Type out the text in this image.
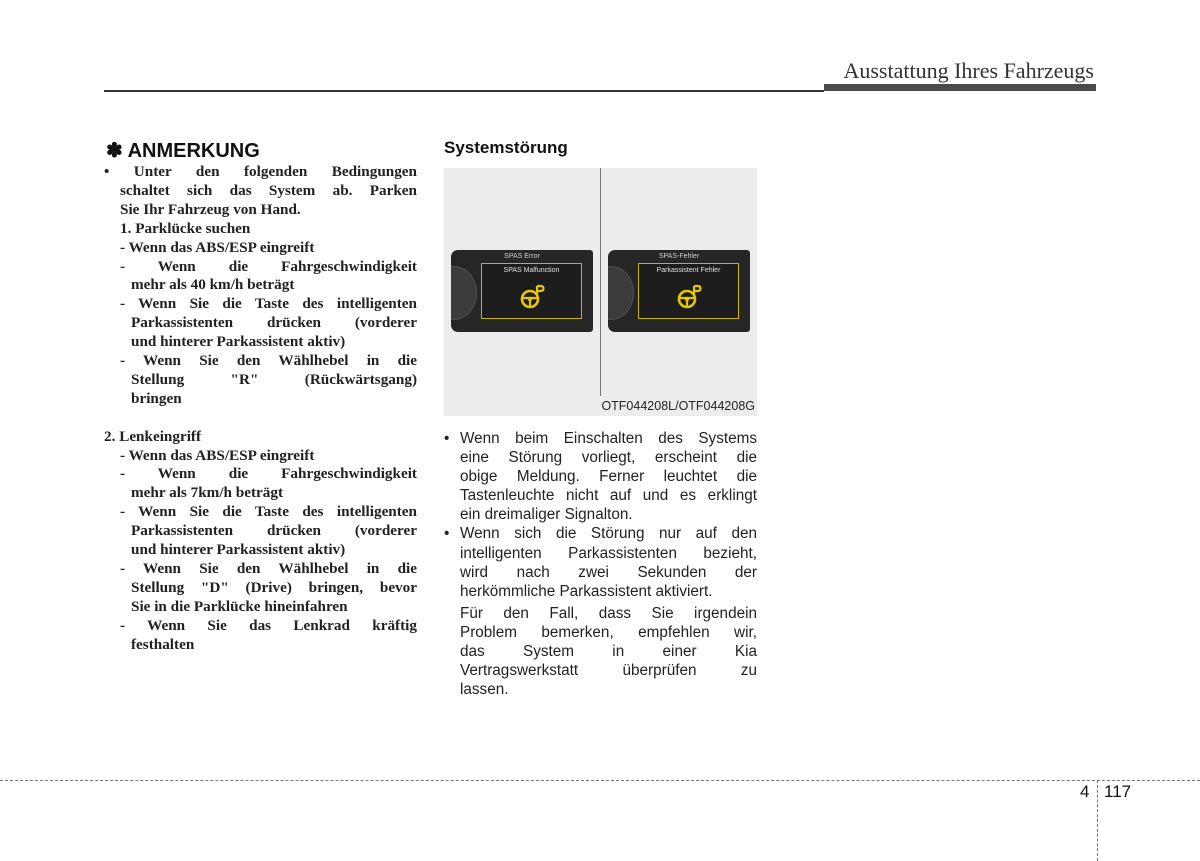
Ausstattung Ihres Fahrzeugs
✽ ANMERKUNG
• Unter den folgenden Bedingungen
schaltet sich das System ab. Parken
Sie Ihr Fahrzeug von Hand.
1. Parklücke suchen
- Wenn das ABS/ESP eingreift
- Wenn die Fahrgeschwindigkeit
mehr als 40 km/h beträgt
- Wenn Sie die Taste des intelligenten
Parkassistenten drücken (vorderer
und hinterer Parkassistent aktiv)
- Wenn Sie den Wählhebel in die
Stellung "R" (Rückwärtsgang)
bringen
2. Lenkeingriff
- Wenn das ABS/ESP eingreift
- Wenn die Fahrgeschwindigkeit
mehr als 7km/h beträgt
- Wenn Sie die Taste des intelligenten
Parkassistenten drücken (vorderer
und hinterer Parkassistent aktiv)
- Wenn Sie den Wählhebel in die
Stellung "D" (Drive) bringen, bevor
Sie in die Parklücke hineinfahren
- Wenn Sie das Lenkrad kräftig
festhalten
Systemstörung
SPAS Error
SPAS Malfunction
SPAS-Fehler
Parkassistent Fehler
OTF044208L/OTF044208G
• Wenn beim Einschalten des Systems
eine Störung vorliegt, erscheint die
obige Meldung. Ferner leuchtet die
Tastenleuchte nicht auf und es erklingt
ein dreimaliger Signalton.
• Wenn sich die Störung nur auf den
intelligenten Parkassistenten bezieht,
wird nach zwei Sekunden der
herkömmliche Parkassistent aktiviert.
Für den Fall, dass Sie irgendein
Problem bemerken, empfehlen wir,
das System in einer Kia
Vertragswerkstatt überprüfen zu
lassen.
4 117
